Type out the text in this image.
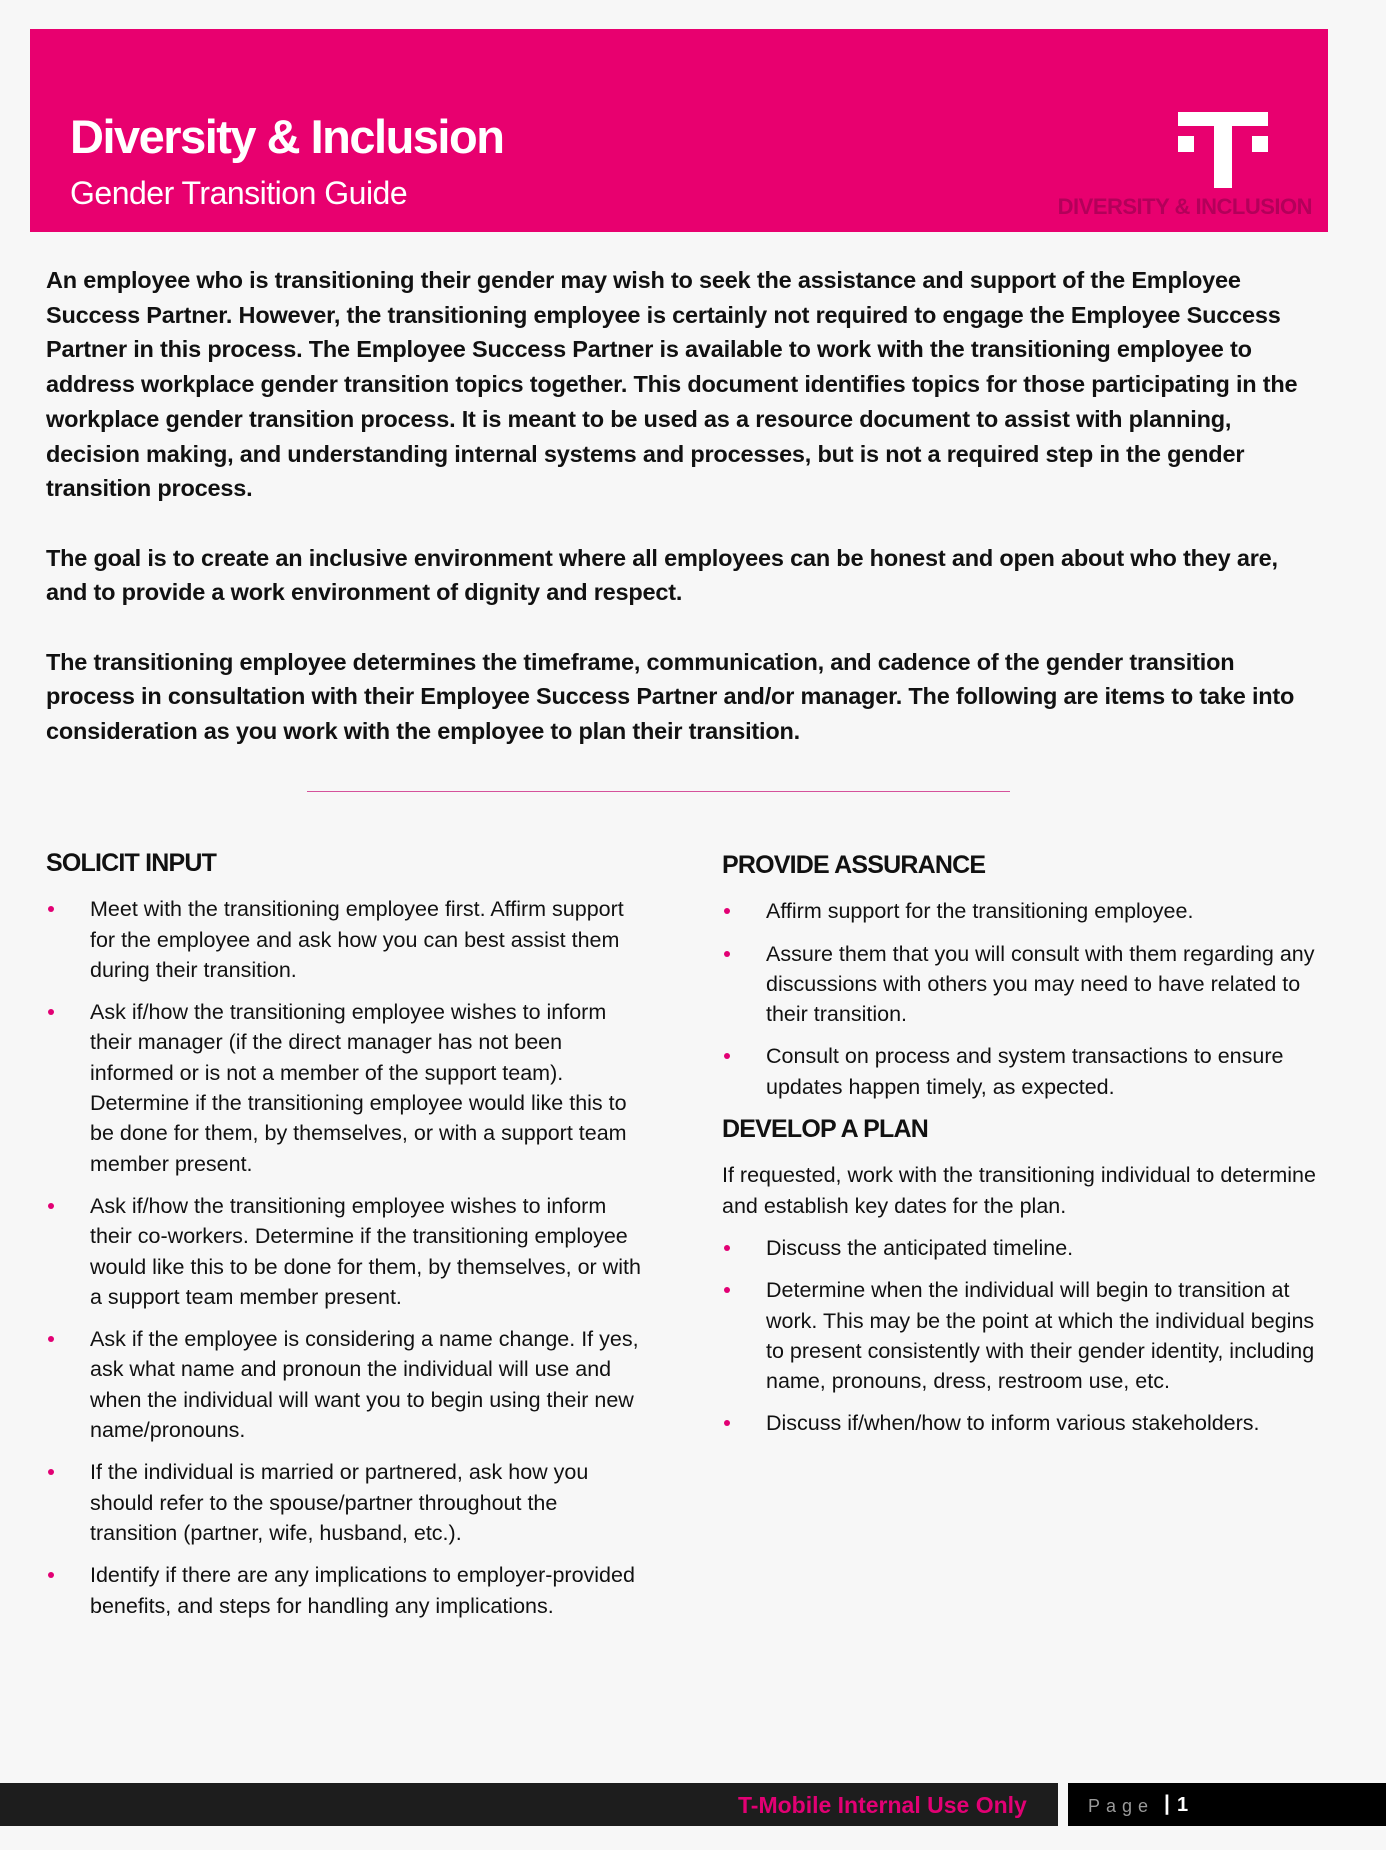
Diversity & Inclusion
Gender Transition Guide	DIVERSITY & INCLUSION

An employee who is transitioning their gender may wish to seek the assistance and support of the Employee Success Partner. However, the transitioning employee is certainly not required to engage the Employee Success Partner in this process. The Employee Success Partner is available to work with the transitioning employee to address workplace gender transition topics together. This document identifies topics for those participating in the workplace gender transition process. It is meant to be used as a resource document to assist with planning, decision making, and understanding internal systems and processes, but is not a required step in the gender transition process.

The goal is to create an inclusive environment where all employees can be honest and open about who they are, and to provide a work environment of dignity and respect.

The transitioning employee determines the timeframe, communication, and cadence of the gender transition process in consultation with their Employee Success Partner and/or manager. The following are items to take into consideration as you work with the employee to plan their transition.

SOLICIT INPUT
Meet with the transitioning employee first. Affirm support for the employee and ask how you can best assist them during their transition.
Ask if/how the transitioning employee wishes to inform their manager (if the direct manager has not been informed or is not a member of the support team). Determine if the transitioning employee would like this to be done for them, by themselves, or with a support team member present.
Ask if/how the transitioning employee wishes to inform their co-workers. Determine if the transitioning employee would like this to be done for them, by themselves, or with a support team member present.
Ask if the employee is considering a name change. If yes, ask what name and pronoun the individual will use and when the individual will want you to begin using their new name/pronouns.
If the individual is married or partnered, ask how you should refer to the spouse/partner throughout the transition (partner, wife, husband, etc.).
Identify if there are any implications to employer-provided benefits, and steps for handling any implications.
PROVIDE ASSURANCE
Affirm support for the transitioning employee.
Assure them that you will consult with them regarding any discussions with others you may need to have related to their transition.
Consult on process and system transactions to ensure updates happen timely, as expected.
DEVELOP A PLAN
If requested, work with the transitioning individual to determine and establish key dates for the plan.
Discuss the anticipated timeline.
Determine when the individual will begin to transition at work. This may be the point at which the individual begins to present consistently with their gender identity, including name, pronouns, dress, restroom use, etc.
Discuss if/when/how to inform various stakeholders.
T-Mobile Internal Use Only	Page | 1
